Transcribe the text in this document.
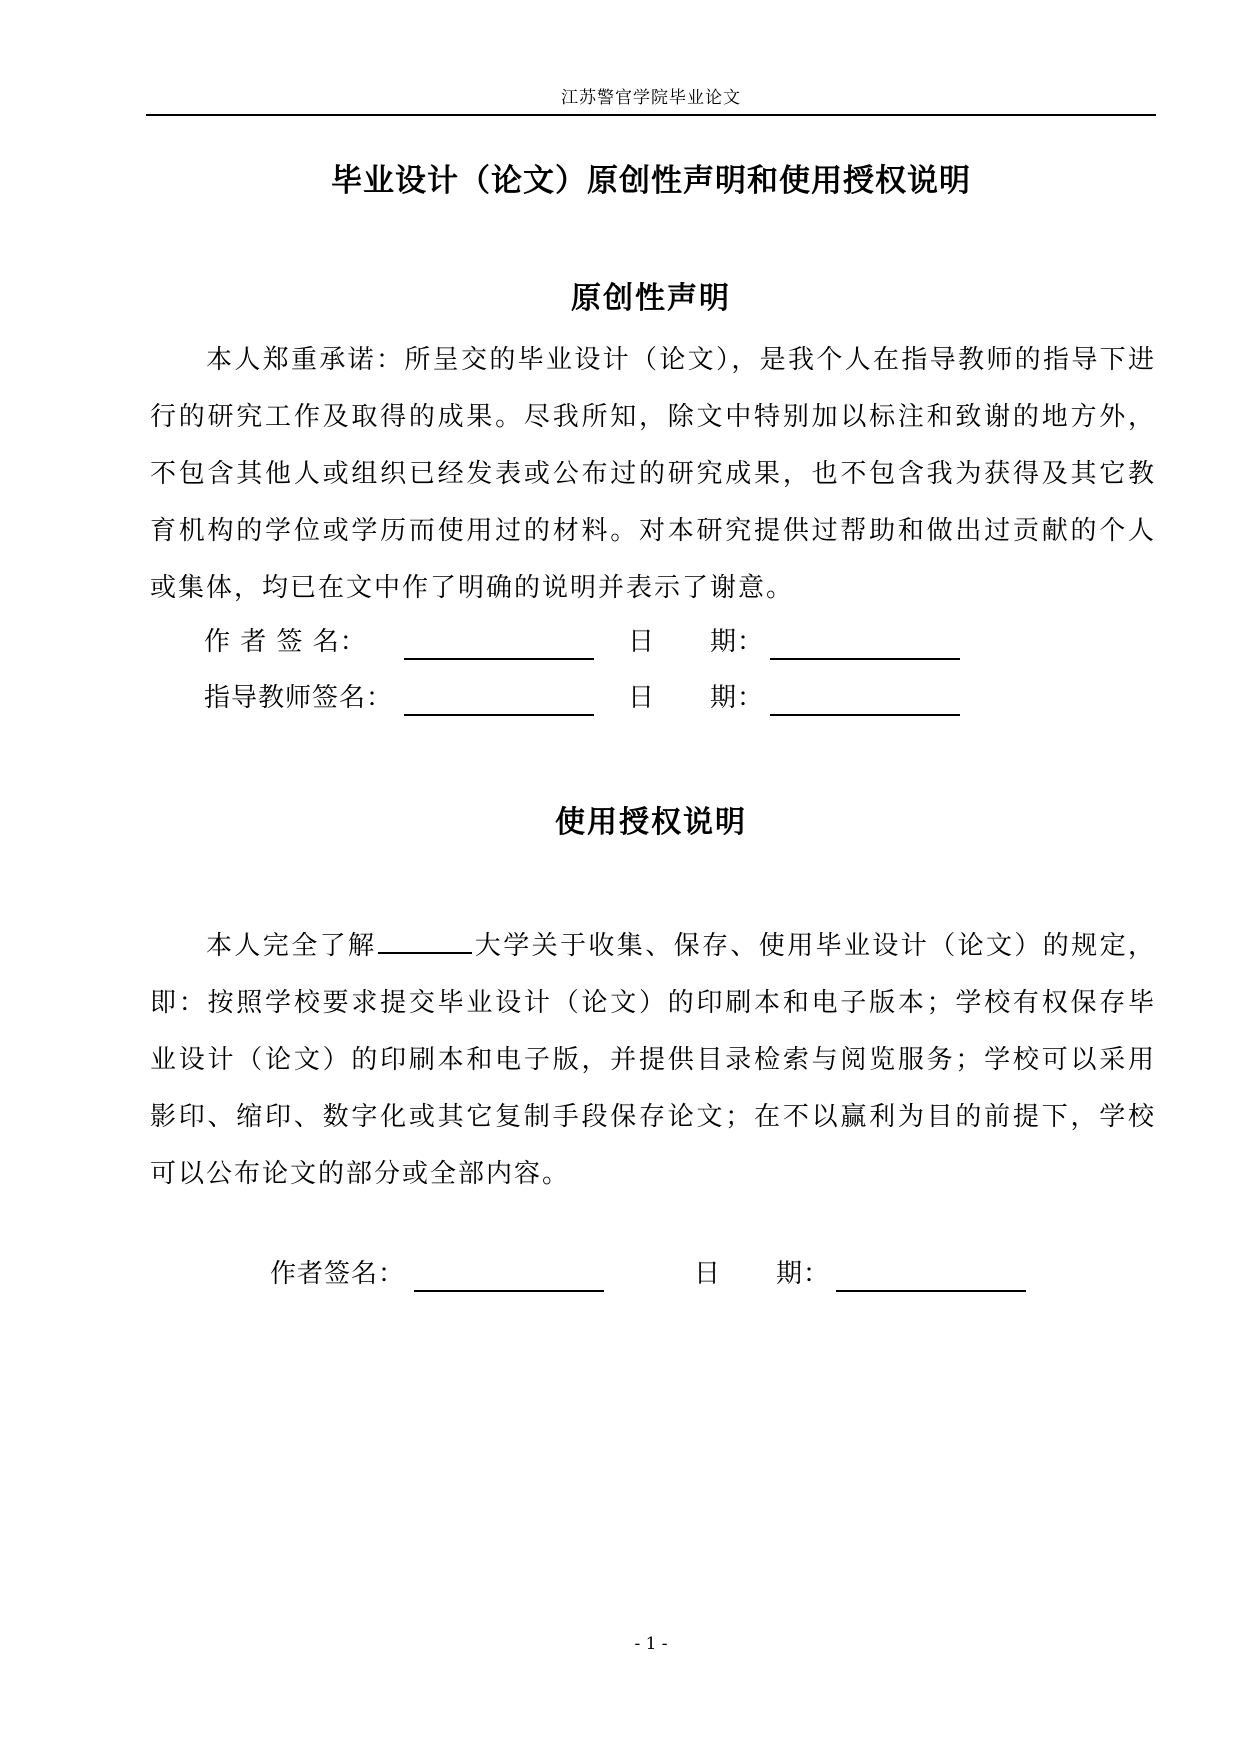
江苏警官学院毕业论文
毕业设计（论文）原创性声明和使用授权说明
原创性声明

本人郑重承诺：所呈交的毕业设计（论文），是我个人在指导教师的指导下进行的研究工作及取得的成果。尽我所知，除文中特别加以标注和致谢的地方外，不包含其他人或组织已经发表或公布过的研究成果，也不包含我为获得及其它教育机构的学位或学历而使用过的材料。对本研究提供过帮助和做出过贡献的个人或集体，均已在文中作了明确的说明并表示了谢意。

作 者 签 名：	日 期：
指导教师签名：	日 期：
使用授权说明

本人完全了解	大学关于收集、保存、使用毕业设计（论文）的规定，即：按照学校要求提交毕业设计（论文）的印刷本和电子版本；学校有权保存毕业设计（论文）的印刷本和电子版，并提供目录检索与阅览服务；学校可以采用影印、缩印、数字化或其它复制手段保存论文；在不以赢利为目的前提下，学校可以公布论文的部分或全部内容。

作者签名：	日 期：
- 1 -
